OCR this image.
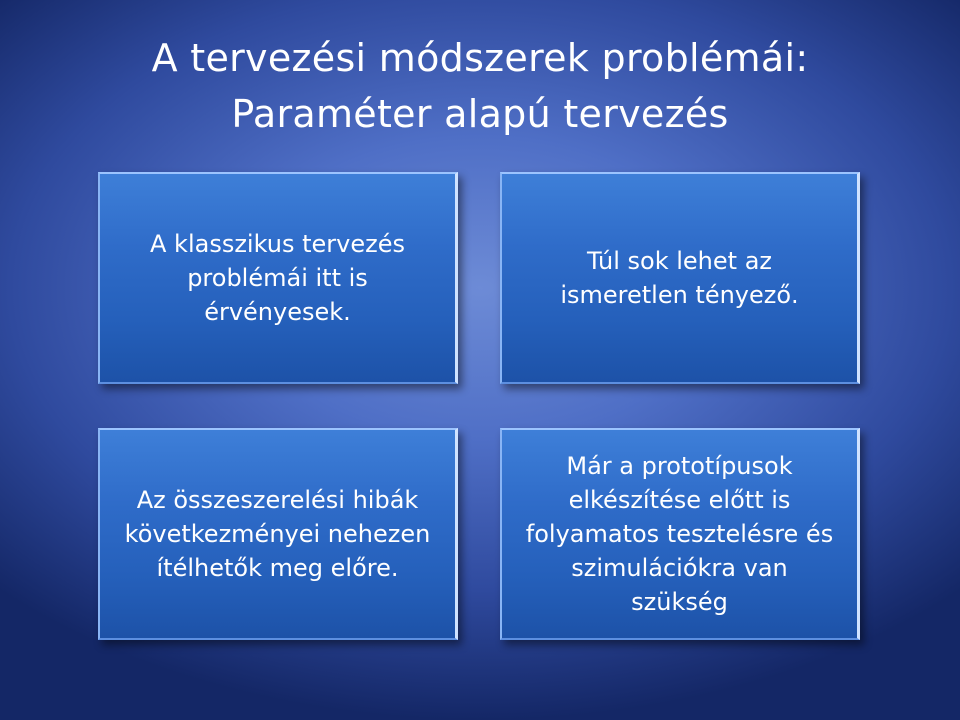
A tervezési módszerek problémái:
Paraméter alapú tervezés
A klasszikus tervezés problémái itt is érvényesek.
Túl sok lehet az ismeretlen tényező.
Az összeszerelési hibák következményei nehezen ítélhetők meg előre.
Már a prototípusok elkészítése előtt is folyamatos tesztelésre és szimulációkra van szükség
